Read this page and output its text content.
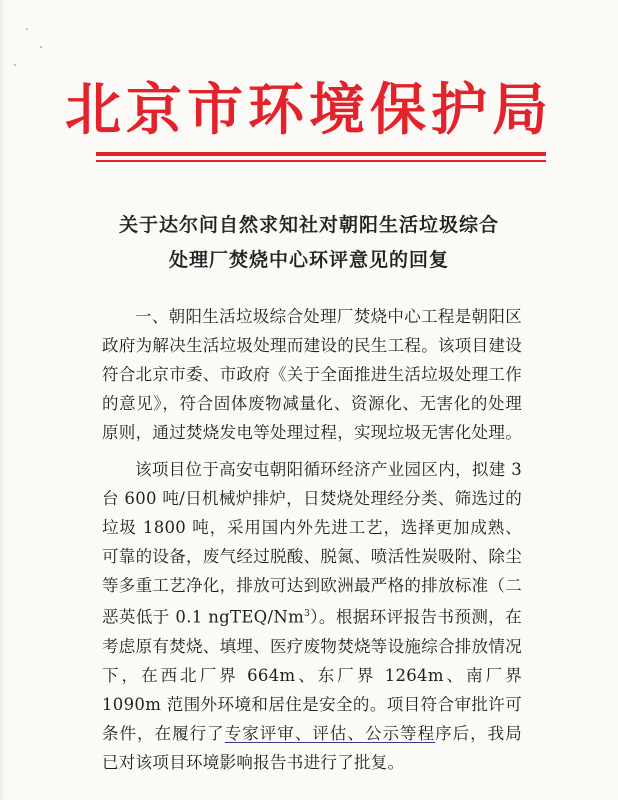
北京市环境保护局
关于达尔问自然求知社对朝阳生活垃圾综合
处理厂焚烧中心环评意见的回复

一、朝阳生活垃圾综合处理厂焚烧中心工程是朝阳区政府为解决生活垃圾处理而建设的民生工程。该项目建设符合北京市委、市政府《关于全面推进生活垃圾处理工作的意见》，符合固体废物减量化、资源化、无害化的处理原则，通过焚烧发电等处理过程，实现垃圾无害化处理。

该项目位于高安屯朝阳循环经济产业园区内，拟建 3 台 600 吨/日机械炉排炉，日焚烧处理经分类、筛选过的垃圾 1800 吨，采用国内外先进工艺，选择更加成熟、可靠的设备，废气经过脱酸、脱氮、喷活性炭吸附、除尘等多重工艺净化，排放可达到欧洲最严格的排放标准（二恶英低于 0.1 ngTEQ/Nm$^3$）。根据环评报告书预测，在考虑原有焚烧、填埋、医疗废物焚烧等设施综合排放情况下，在西北厂界 664m、东厂界 1264m、南厂界 1090m 范围外环境和居住是安全的。项目符合审批许可条件，在履行了专家评审、评估、公示等程序后，我局已对该项目环境影响报告书进行了批复。
